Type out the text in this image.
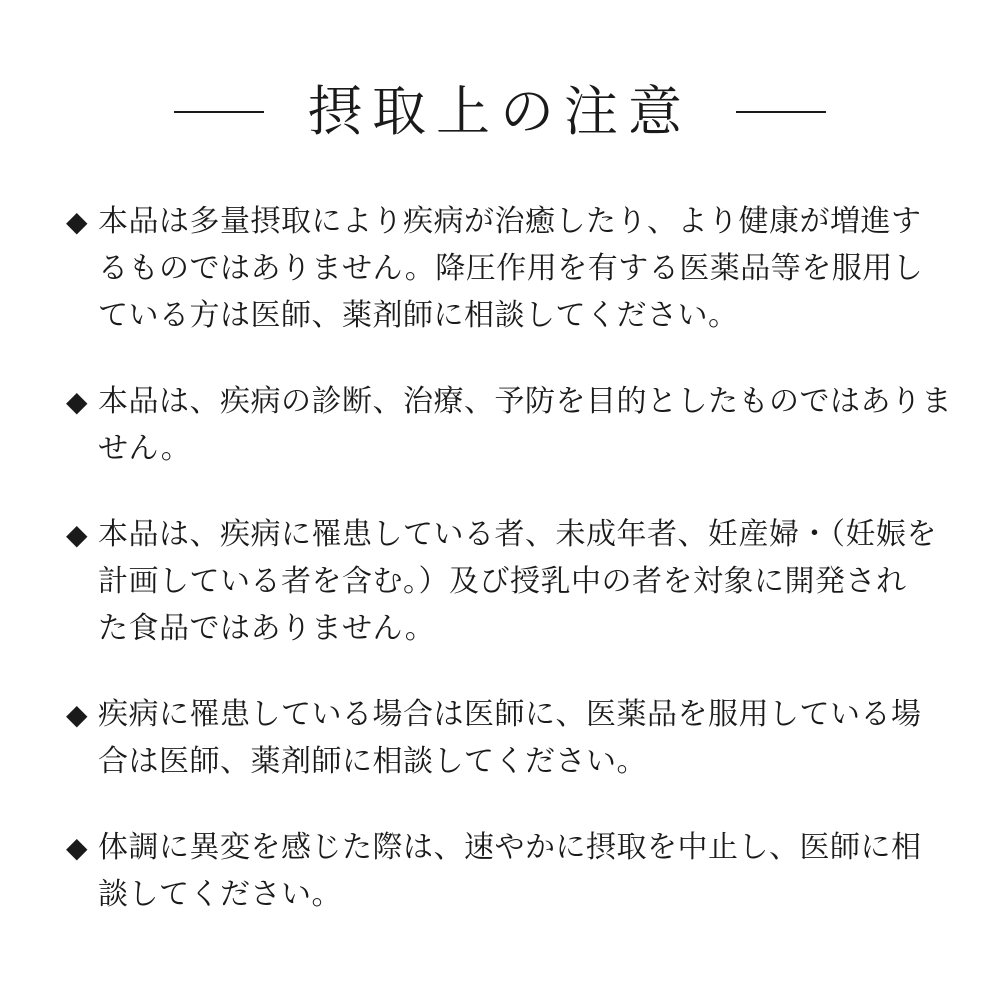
摂取上の注意
◆ 本品は多量摂取により疾病が治癒したり、より健康が増進す
るものではありません。降圧作用を有する医薬品等を服用し
ている方は医師、薬剤師に相談してください。
◆ 本品は、疾病の診断、治療、予防を目的としたものではありま
せん。
◆ 本品は、疾病に罹患している者、未成年者、妊産婦・（妊娠を
計画している者を含む。）及び授乳中の者を対象に開発され
た食品ではありません。
◆ 疾病に罹患している場合は医師に、医薬品を服用している場
合は医師、薬剤師に相談してください。
◆ 体調に異変を感じた際は、速やかに摂取を中止し、医師に相
談してください。
